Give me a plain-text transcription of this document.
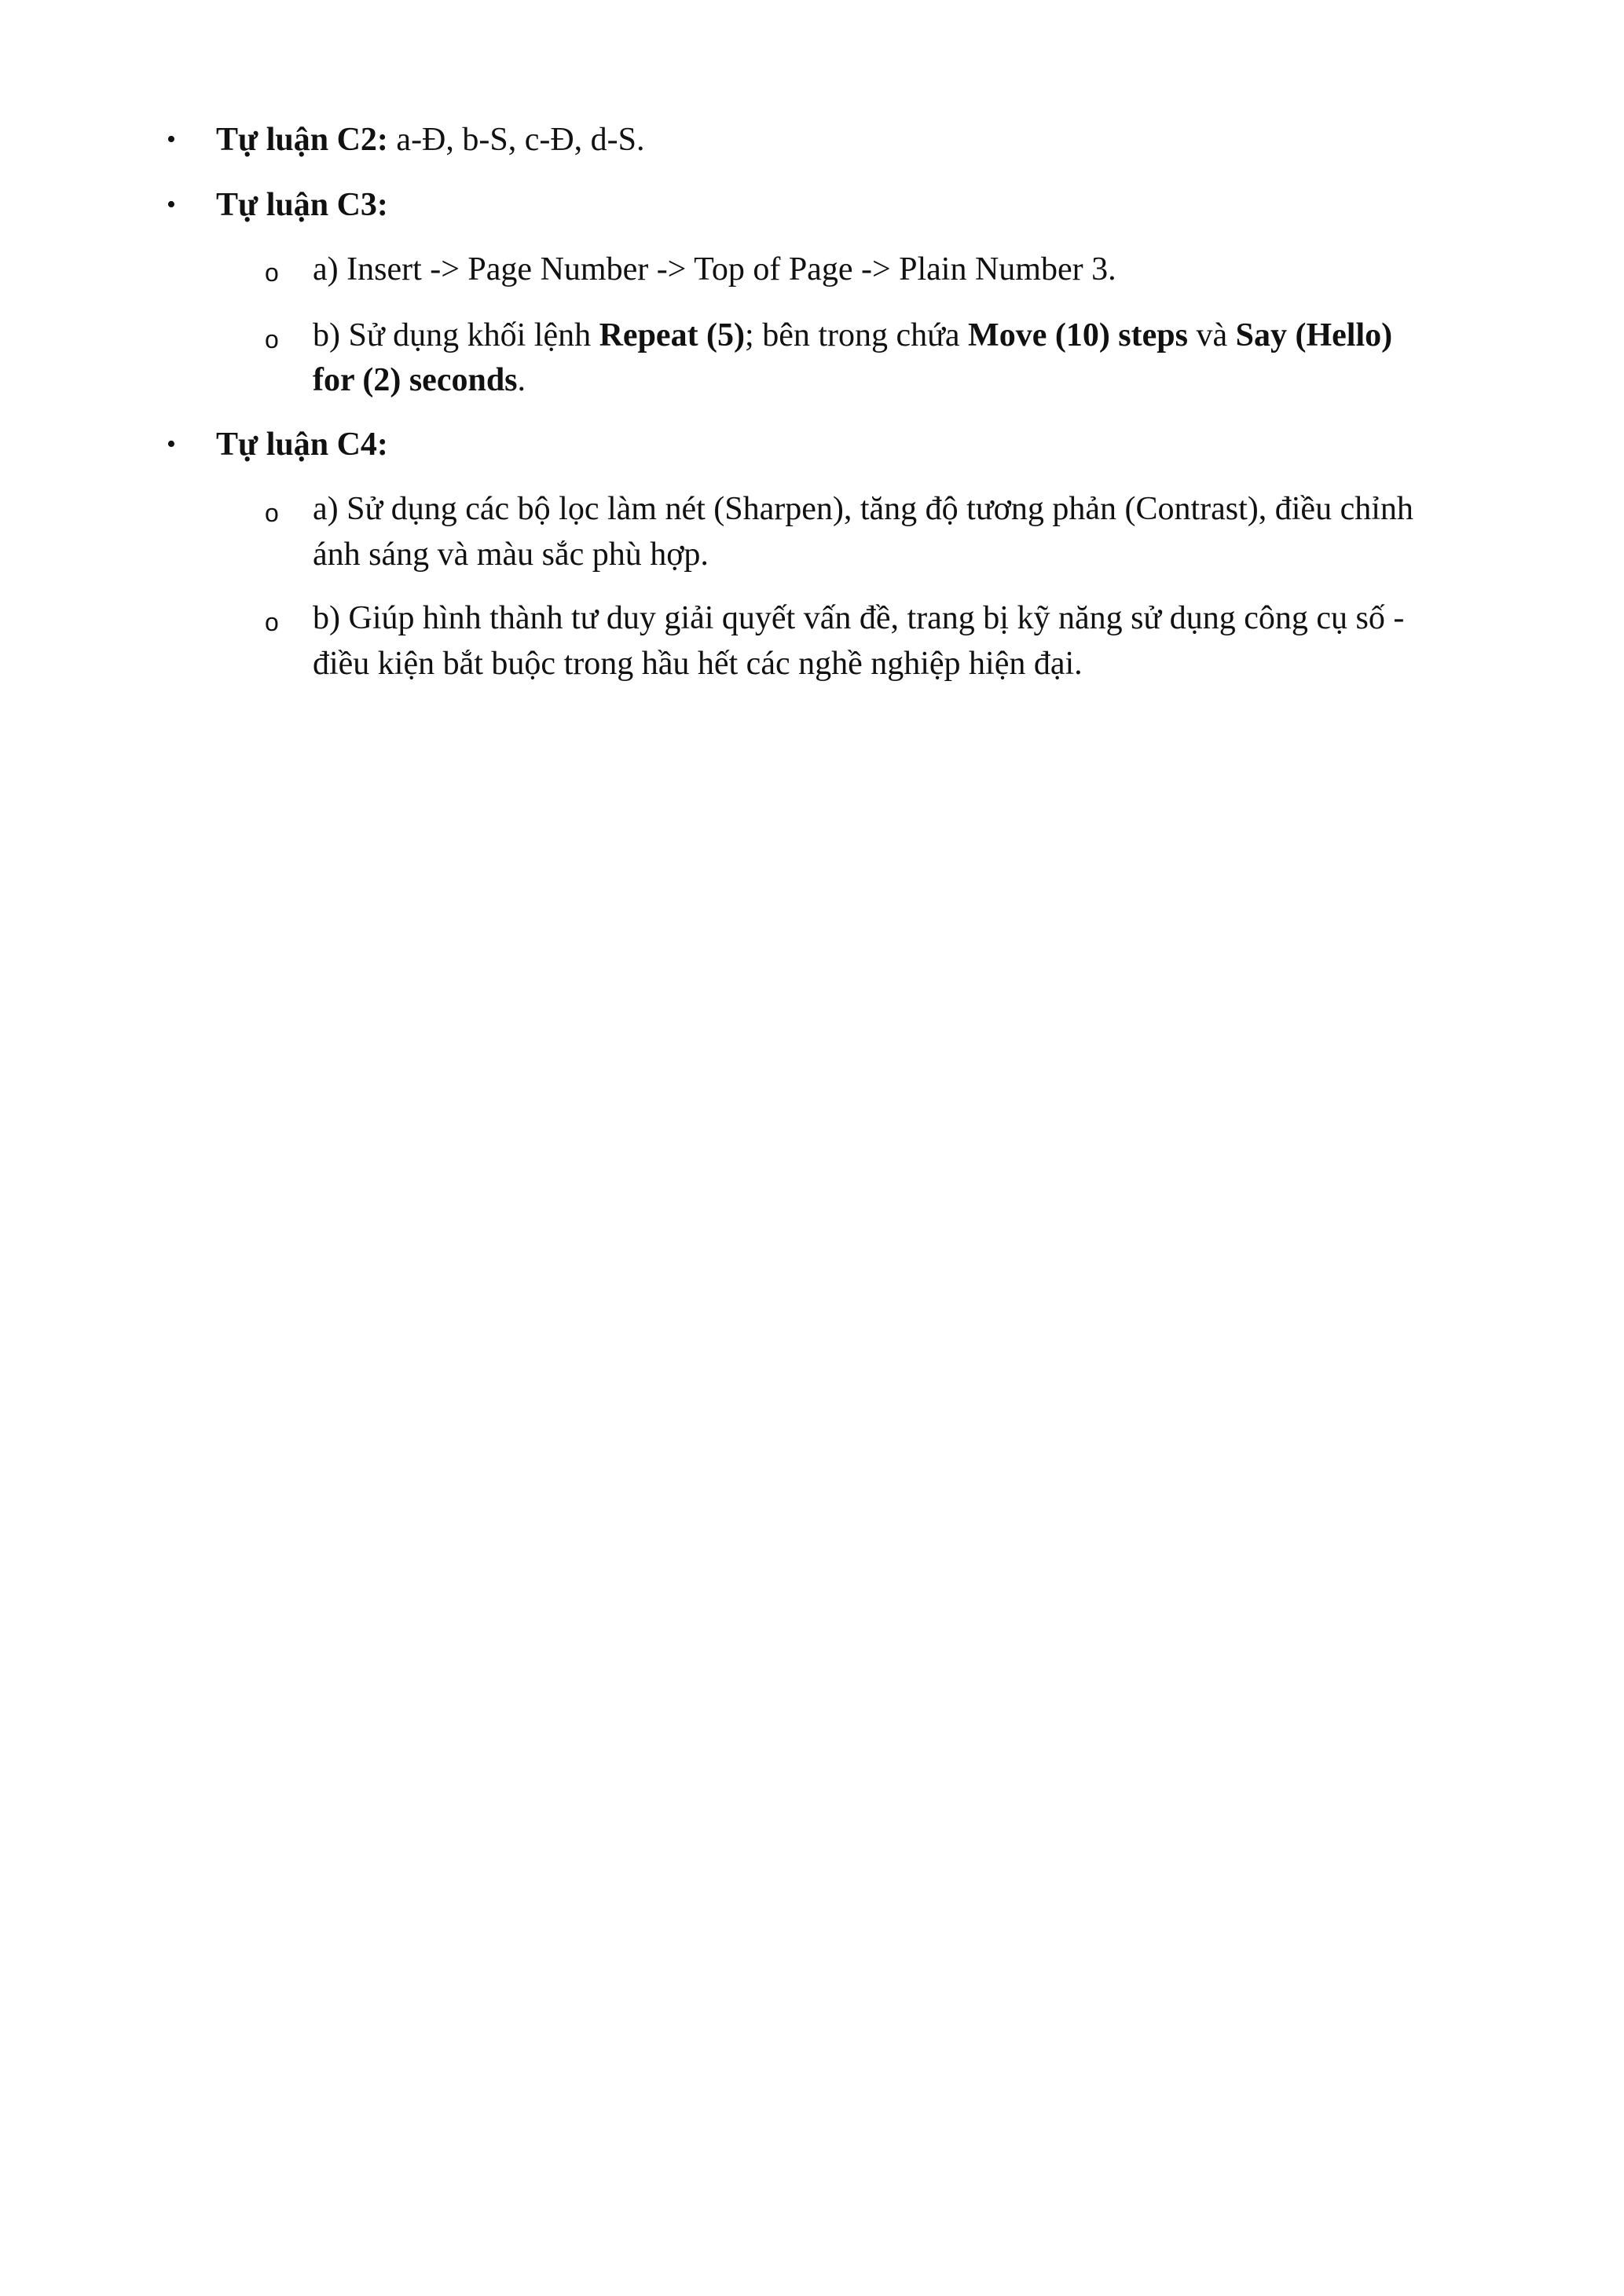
• Tự luận C2: a-Đ, b-S, c-Đ, d-S.
• Tự luận C3:
o a) Insert -> Page Number -> Top of Page -> Plain Number 3.
o b) Sử dụng khối lệnh Repeat (5); bên trong chứa Move (10) steps và Say (Hello)
for (2) seconds.
• Tự luận C4:
o a) Sử dụng các bộ lọc làm nét (Sharpen), tăng độ tương phản (Contrast), điều chỉnh
ánh sáng và màu sắc phù hợp.
o b) Giúp hình thành tư duy giải quyết vấn đề, trang bị kỹ năng sử dụng công cụ số -
điều kiện bắt buộc trong hầu hết các nghề nghiệp hiện đại.
